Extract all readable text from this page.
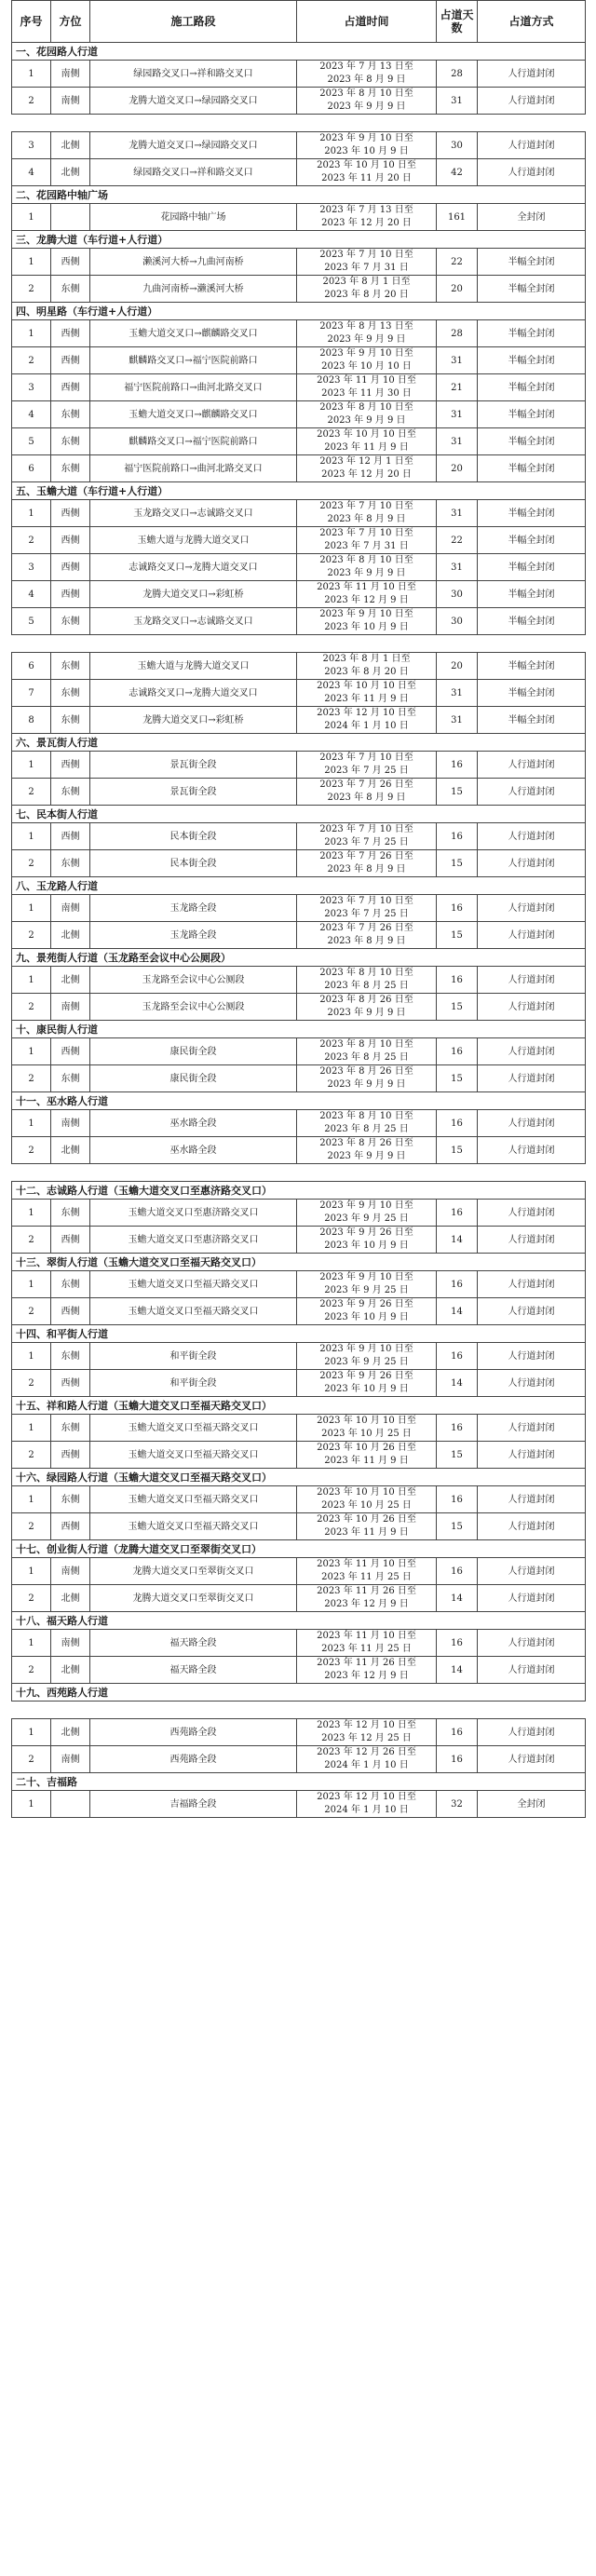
序号	方位	施工路段	占道时间	占道天数	占道方式
一、花园路人行道					
1	南侧	绿园路交叉口→祥和路交叉口	2023 年 7 月 13 日至
2023 年 8 月 9 日	28	人行道封闭
2	南侧	龙腾大道交叉口→绿园路交叉口	2023 年 8 月 10 日至
2023 年 9 月 9 日	31	人行道封闭

3	北侧	龙腾大道交叉口→绿园路交叉口	2023 年 9 月 10 日至
2023 年 10 月 9 日	30	人行道封闭
4	北侧	绿园路交叉口→祥和路交叉口	2023 年 10 月 10 日至
2023 年 11 月 20 日	42	人行道封闭
二、花园路中轴广场					
1		花园路中轴广场	2023 年 7 月 13 日至
2023 年 12 月 20 日	161	全封闭
三、龙腾大道（车行道+人行道）					
1	西侧	濑溪河大桥→九曲河南桥	2023 年 7 月 10 日至
2023 年 7 月 31 日	22	半幅全封闭
2	东侧	九曲河南桥→濑溪河大桥	2023 年 8 月 1 日至
2023 年 8 月 20 日	20	半幅全封闭
四、明星路（车行道+人行道）					
1	西侧	玉蟾大道交叉口→麒麟路交叉口	2023 年 8 月 13 日至
2023 年 9 月 9 日	28	半幅全封闭
2	西侧	麒麟路交叉口→福宁医院前路口	2023 年 9 月 10 日至
2023 年 10 月 10 日	31	半幅全封闭
3	西侧	福宁医院前路口→曲河北路交叉口	2023 年 11 月 10 日至
2023 年 11 月 30 日	21	半幅全封闭
4	东侧	玉蟾大道交叉口→麒麟路交叉口	2023 年 8 月 10 日至
2023 年 9 月 9 日	31	半幅全封闭
5	东侧	麒麟路交叉口→福宁医院前路口	2023 年 10 月 10 日至
2023 年 11 月 9 日	31	半幅全封闭
6	东侧	福宁医院前路口→曲河北路交叉口	2023 年 12 月 1 日至
2023 年 12 月 20 日	20	半幅全封闭
五、玉蟾大道（车行道+人行道）					
1	西侧	玉龙路交叉口→志诚路交叉口	2023 年 7 月 10 日至
2023 年 8 月 9 日	31	半幅全封闭
2	西侧	玉蟾大道与龙腾大道交叉口	2023 年 7 月 10 日至
2023 年 7 月 31 日	22	半幅全封闭
3	西侧	志诚路交叉口→龙腾大道交叉口	2023 年 8 月 10 日至
2023 年 9 月 9 日	31	半幅全封闭
4	西侧	龙腾大道交叉口→彩虹桥	2023 年 11 月 10 日至
2023 年 12 月 9 日	30	半幅全封闭
5	东侧	玉龙路交叉口→志诚路交叉口	2023 年 9 月 10 日至
2023 年 10 月 9 日	30	半幅全封闭

6	东侧	玉蟾大道与龙腾大道交叉口	2023 年 8 月 1 日至
2023 年 8 月 20 日	20	半幅全封闭
7	东侧	志诚路交叉口→龙腾大道交叉口	2023 年 10 月 10 日至
2023 年 11 月 9 日	31	半幅全封闭
8	东侧	龙腾大道交叉口→彩虹桥	2023 年 12 月 10 日至
2024 年 1 月 10 日	31	半幅全封闭
六、景瓦街人行道					
1	西侧	景瓦街全段	2023 年 7 月 10 日至
2023 年 7 月 25 日	16	人行道封闭
2	东侧	景瓦街全段	2023 年 7 月 26 日至
2023 年 8 月 9 日	15	人行道封闭
七、民本街人行道					
1	西侧	民本街全段	2023 年 7 月 10 日至
2023 年 7 月 25 日	16	人行道封闭
2	东侧	民本街全段	2023 年 7 月 26 日至
2023 年 8 月 9 日	15	人行道封闭
八、玉龙路人行道					
1	南侧	玉龙路全段	2023 年 7 月 10 日至
2023 年 7 月 25 日	16	人行道封闭
2	北侧	玉龙路全段	2023 年 7 月 26 日至
2023 年 8 月 9 日	15	人行道封闭
九、景苑街人行道（玉龙路至会议中心公厕段）					
1	北侧	玉龙路至会议中心公厕段	2023 年 8 月 10 日至
2023 年 8 月 25 日	16	人行道封闭
2	南侧	玉龙路至会议中心公厕段	2023 年 8 月 26 日至
2023 年 9 月 9 日	15	人行道封闭
十、康民街人行道					
1	西侧	康民街全段	2023 年 8 月 10 日至
2023 年 8 月 25 日	16	人行道封闭
2	东侧	康民街全段	2023 年 8 月 26 日至
2023 年 9 月 9 日	15	人行道封闭
十一、巫水路人行道					
1	南侧	巫水路全段	2023 年 8 月 10 日至
2023 年 8 月 25 日	16	人行道封闭
2	北侧	巫水路全段	2023 年 8 月 26 日至
2023 年 9 月 9 日	15	人行道封闭

十二、志诚路人行道（玉蟾大道交叉口至惠济路交叉口）					
1	东侧	玉蟾大道交叉口至惠济路交叉口	2023 年 9 月 10 日至
2023 年 9 月 25 日	16	人行道封闭
2	西侧	玉蟾大道交叉口至惠济路交叉口	2023 年 9 月 26 日至
2023 年 10 月 9 日	14	人行道封闭
十三、翠街人行道（玉蟾大道交叉口至福天路交叉口）					
1	东侧	玉蟾大道交叉口至福天路交叉口	2023 年 9 月 10 日至
2023 年 9 月 25 日	16	人行道封闭
2	西侧	玉蟾大道交叉口至福天路交叉口	2023 年 9 月 26 日至
2023 年 10 月 9 日	14	人行道封闭
十四、和平街人行道					
1	东侧	和平街全段	2023 年 9 月 10 日至
2023 年 9 月 25 日	16	人行道封闭
2	西侧	和平街全段	2023 年 9 月 26 日至
2023 年 10 月 9 日	14	人行道封闭
十五、祥和路人行道（玉蟾大道交叉口至福天路交叉口）					
1	东侧	玉蟾大道交叉口至福天路交叉口	2023 年 10 月 10 日至
2023 年 10 月 25 日	16	人行道封闭
2	西侧	玉蟾大道交叉口至福天路交叉口	2023 年 10 月 26 日至
2023 年 11 月 9 日	15	人行道封闭
十六、绿园路人行道（玉蟾大道交叉口至福天路交叉口）					
1	东侧	玉蟾大道交叉口至福天路交叉口	2023 年 10 月 10 日至
2023 年 10 月 25 日	16	人行道封闭
2	西侧	玉蟾大道交叉口至福天路交叉口	2023 年 10 月 26 日至
2023 年 11 月 9 日	15	人行道封闭
十七、创业街人行道（龙腾大道交叉口至翠街交叉口）					
1	南侧	龙腾大道交叉口至翠街交叉口	2023 年 11 月 10 日至
2023 年 11 月 25 日	16	人行道封闭
2	北侧	龙腾大道交叉口至翠街交叉口	2023 年 11 月 26 日至
2023 年 12 月 9 日	14	人行道封闭
十八、福天路人行道					
1	南侧	福天路全段	2023 年 11 月 10 日至
2023 年 11 月 25 日	16	人行道封闭
2	北侧	福天路全段	2023 年 11 月 26 日至
2023 年 12 月 9 日	14	人行道封闭
十九、西苑路人行道					

1	北侧	西苑路全段	2023 年 12 月 10 日至
2023 年 12 月 25 日	16	人行道封闭
2	南侧	西苑路全段	2023 年 12 月 26 日至
2024 年 1 月 10 日	16	人行道封闭
二十、吉福路					
1		吉福路全段	2023 年 12 月 10 日至
2024 年 1 月 10 日	32	全封闭
